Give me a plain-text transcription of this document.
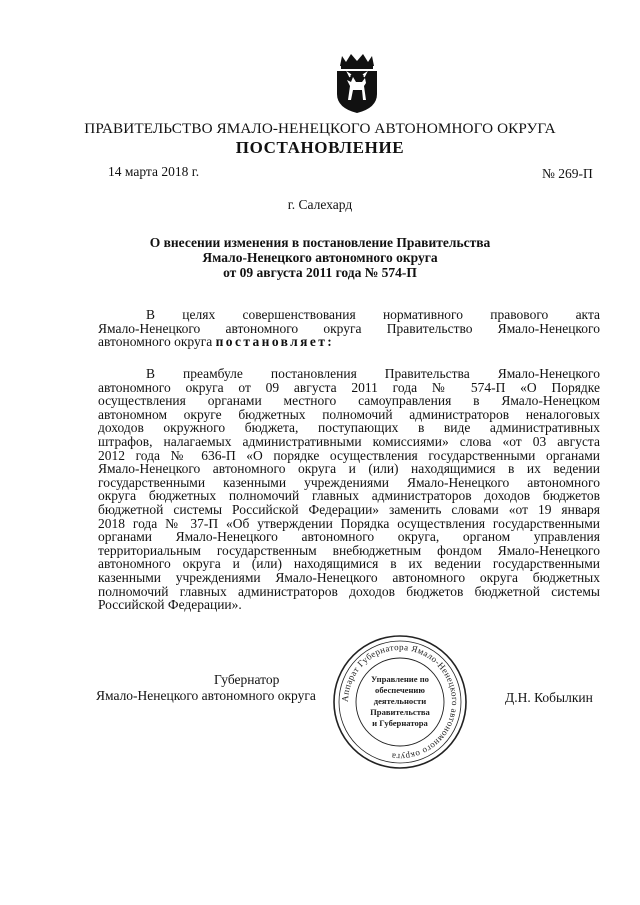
ПРАВИТЕЛЬСТВО ЯМАЛО-НЕНЕЦКОГО АВТОНОМНОГО ОКРУГА
ПОСТАНОВЛЕНИЕ
14 марта 2018 г.	№ 269-П
г. Салехард
О внесении изменения в постановление Правительства
Ямало-Ненецкого автономного округа
от 09 августа 2011 года № 574-П
В целях совершенствования нормативного правового акта
Ямало-Ненецкого автономного округа Правительство Ямало-Ненецкого
автономного округа постановляет:
В преамбуле постановления Правительства Ямало-Ненецкого
автономного округа от 09 августа 2011 года № 574-П «О Порядке
осуществления органами местного самоуправления в Ямало-Ненецком
автономном округе бюджетных полномочий администраторов неналоговых
доходов окружного бюджета, поступающих в виде административных
штрафов, налагаемых административными комиссиями» слова «от 03 августа
2012 года № 636-П «О порядке осуществления государственными органами
Ямало-Ненецкого автономного округа и (или) находящимися в их ведении
государственными казенными учреждениями Ямало-Ненецкого автономного
округа бюджетных полномочий главных администраторов доходов бюджетов
бюджетной системы Российской Федерации» заменить словами «от 19 января
2018 года № 37-П «Об утверждении Порядка осуществления государственными
органами Ямало-Ненецкого автономного округа, органом управления
территориальным государственным внебюджетным фондом Ямало-Ненецкого
автономного округа и (или) находящимися в их ведении государственными
казенными учреждениями Ямало-Ненецкого автономного округа бюджетных
полномочий главных администраторов доходов бюджетов бюджетной системы
Российской Федерации».
Губернатор
Ямало-Ненецкого автономного округа	Д.Н. Кобылкин
Аппарат Губернатора Ямало-Ненецкого автономного округа
Управление по
обеспечению
деятельности
Правительства
и Губернатора
